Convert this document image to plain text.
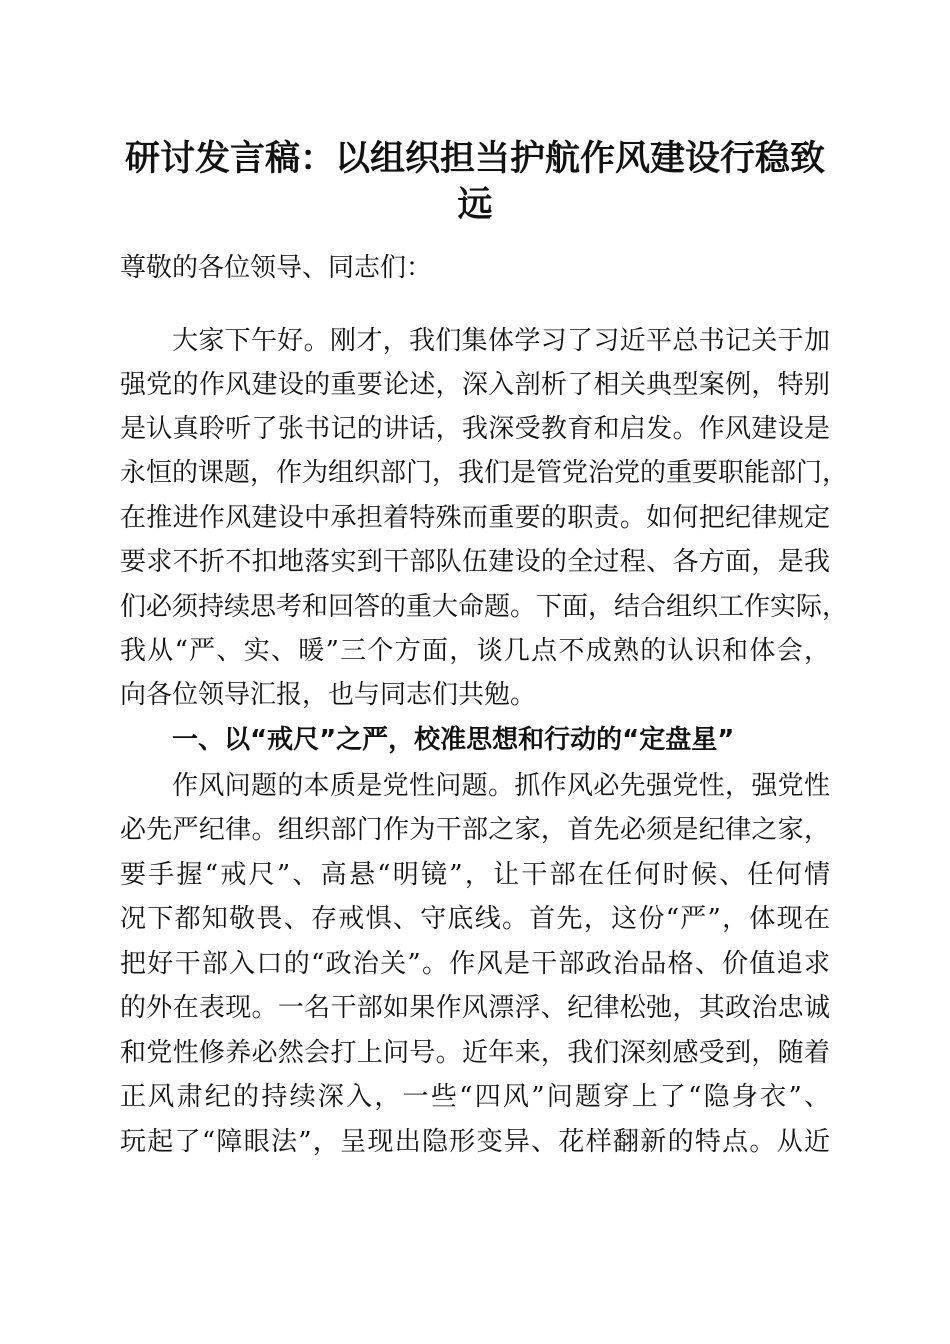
研讨发言稿：以组织担当护航作风建设行稳致
远
尊敬的各位领导、同志们：
大家下午好。刚才，我们集体学习了习近平总书记关于加
强党的作风建设的重要论述，深入剖析了相关典型案例，特别
是认真聆听了张书记的讲话，我深受教育和启发。作风建设是
永恒的课题，作为组织部门，我们是管党治党的重要职能部门，
在推进作风建设中承担着特殊而重要的职责。如何把纪律规定
要求不折不扣地落实到干部队伍建设的全过程、各方面，是我
们必须持续思考和回答的重大命题。下面，结合组织工作实际，
我从“严、实、暖”三个方面，谈几点不成熟的认识和体会，
向各位领导汇报，也与同志们共勉。
一、以“戒尺”之严，校准思想和行动的“定盘星”
作风问题的本质是党性问题。抓作风必先强党性，强党性
必先严纪律。组织部门作为干部之家，首先必须是纪律之家，
要手握“戒尺”、高悬“明镜”，让干部在任何时候、任何情
况下都知敬畏、存戒惧、守底线。首先，这份“严”，体现在
把好干部入口的“政治关”。作风是干部政治品格、价值追求
的外在表现。一名干部如果作风漂浮、纪律松弛，其政治忠诚
和党性修养必然会打上问号。近年来，我们深刻感受到，随着
正风肃纪的持续深入，一些“四风”问题穿上了“隐身衣”、
玩起了“障眼法”，呈现出隐形变异、花样翻新的特点。从近
